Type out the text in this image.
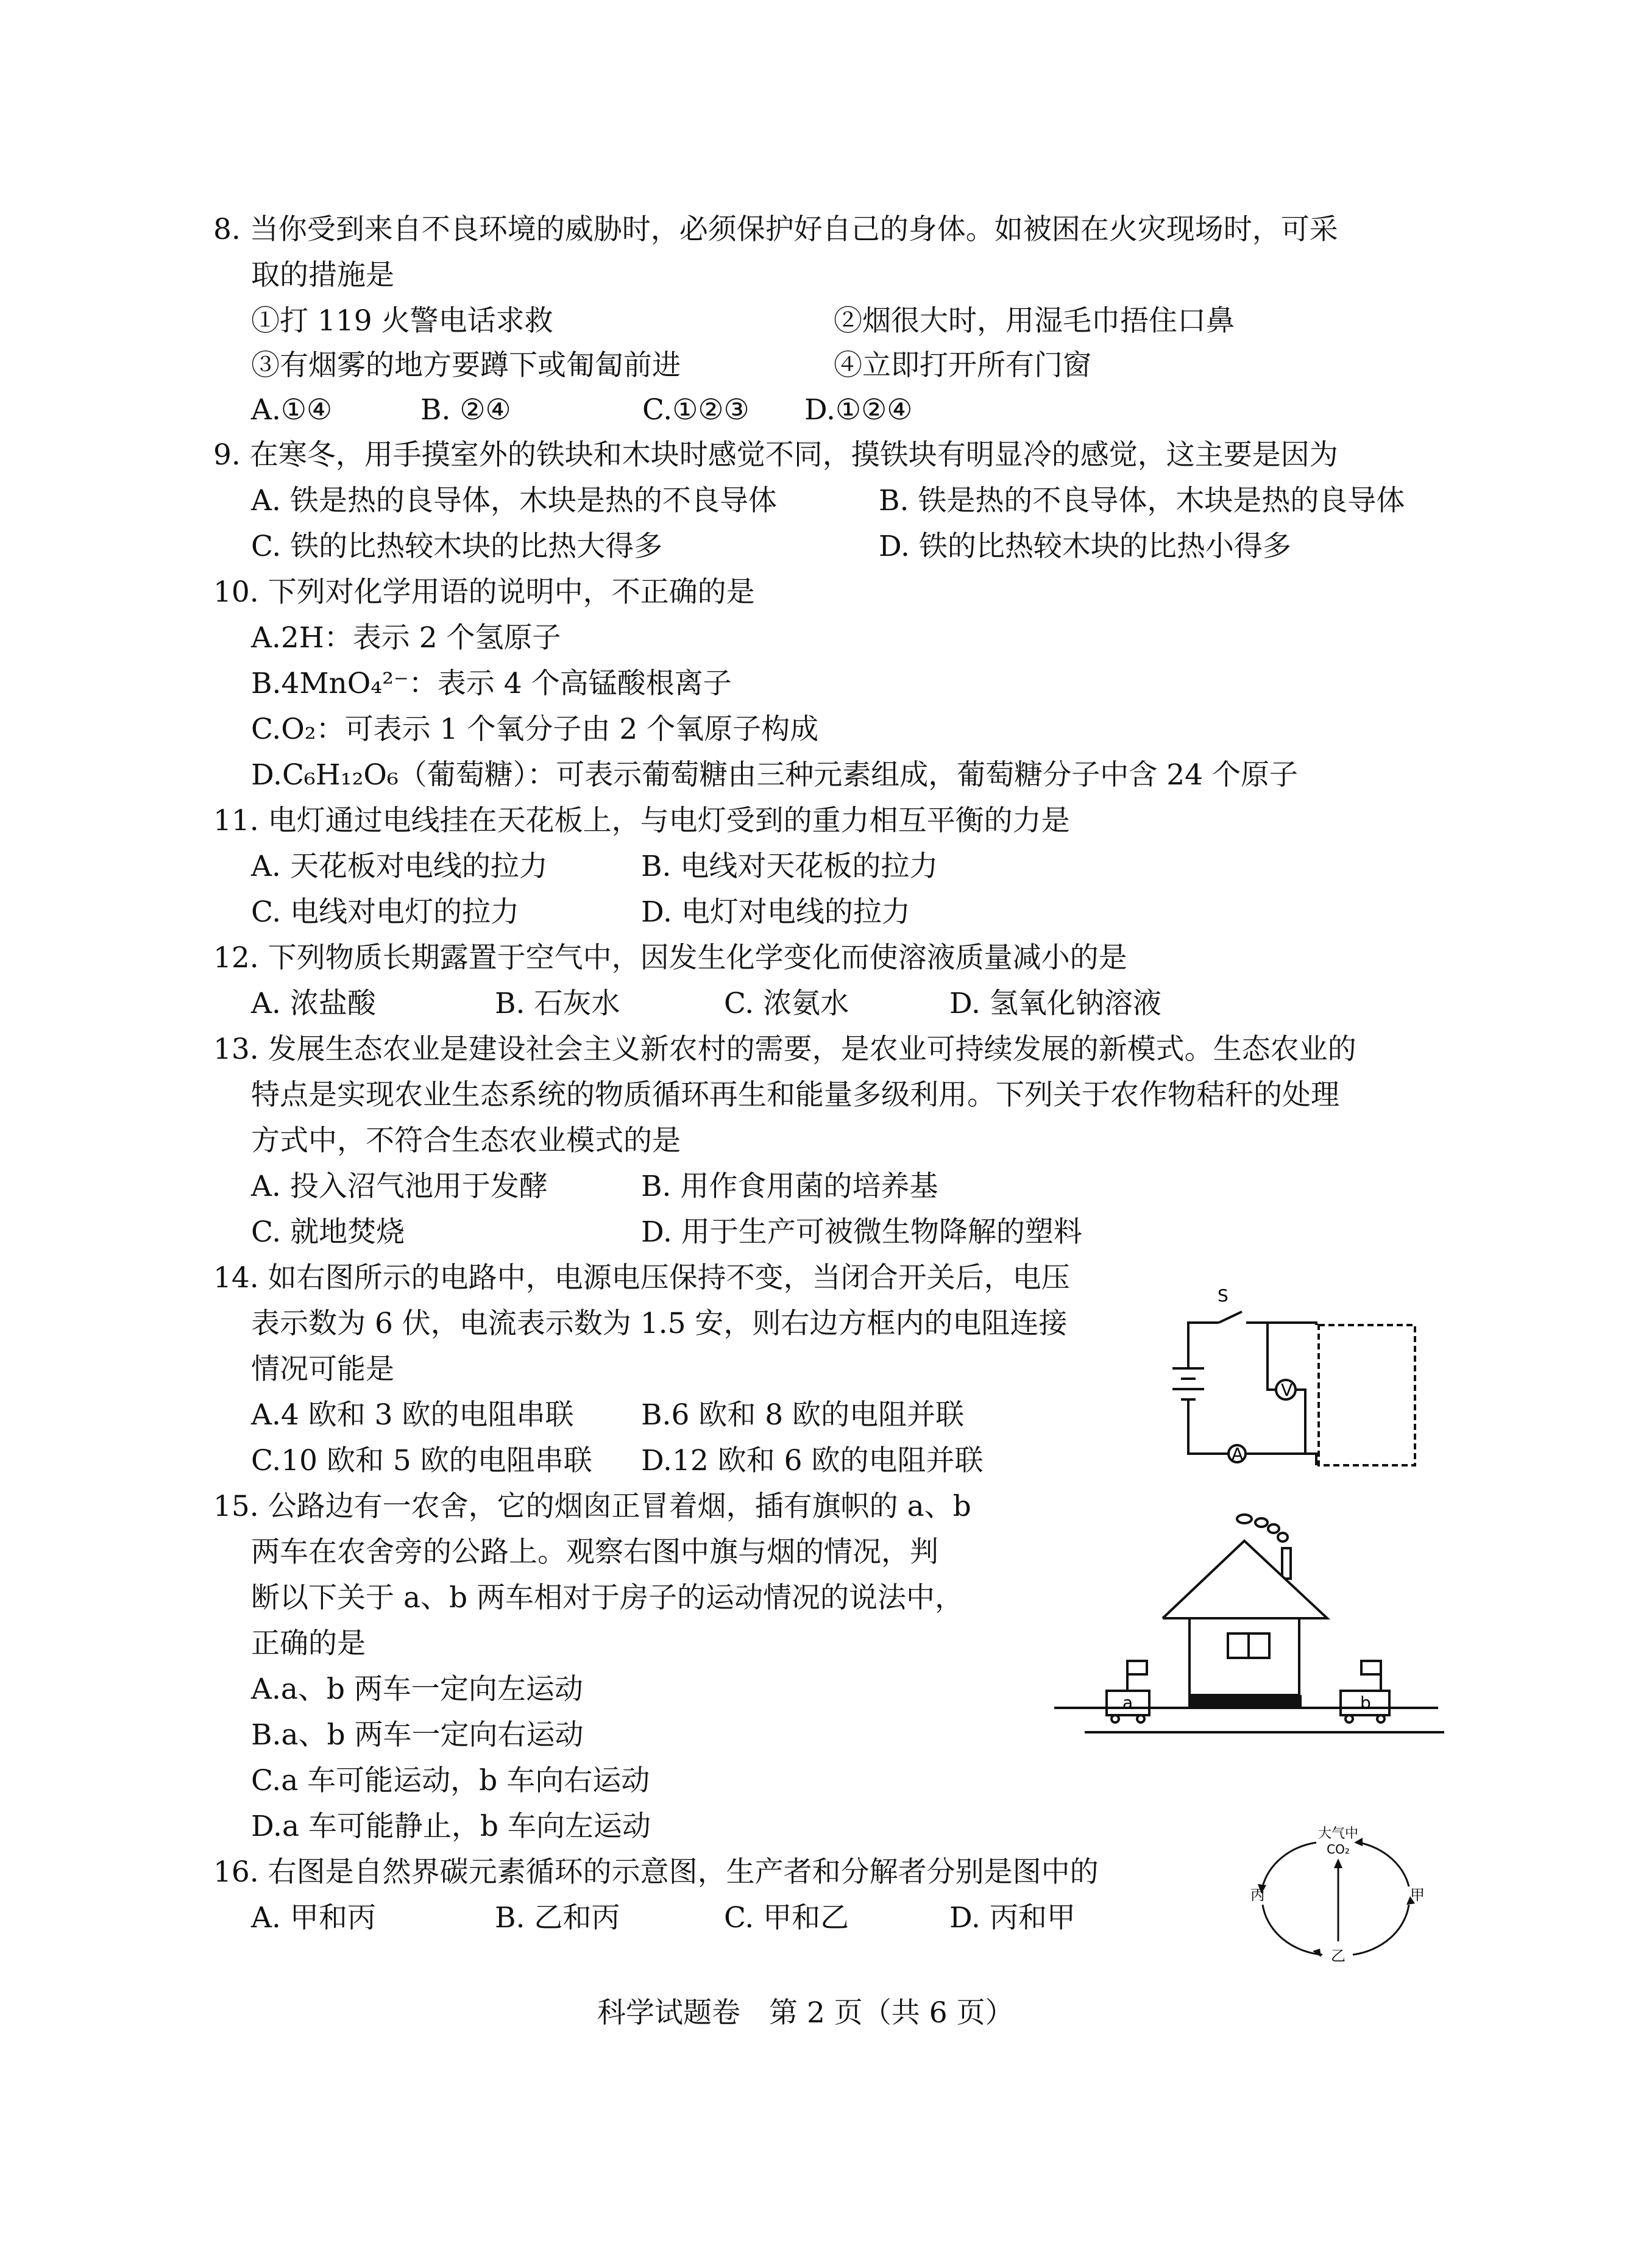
8. 当你受到来自不良环境的威胁时，必须保护好自己的身体。如被困在火灾现场时，可采
取的措施是
①打 119 火警电话求救	②烟很大时，用湿毛巾捂住口鼻
③有烟雾的地方要蹲下或匍匐前进	④立即打开所有门窗
A.①④	B. ②④	C.①②③ D.①②④
9. 在寒冬，用手摸室外的铁块和木块时感觉不同，摸铁块有明显冷的感觉，这主要是因为
A. 铁是热的良导体，木块是热的不良导体	B. 铁是热的不良导体，木块是热的良导体
C. 铁的比热较木块的比热大得多	D. 铁的比热较木块的比热小得多
10. 下列对化学用语的说明中，不正确的是
A.2H：表示 2 个氢原子
B.4MnO₄²⁻：表示 4 个高锰酸根离子
C.O₂：可表示 1 个氧分子由 2 个氧原子构成
D.C₆H₁₂O₆（葡萄糖）：可表示葡萄糖由三种元素组成，葡萄糖分子中含 24 个原子
11. 电灯通过电线挂在天花板上，与电灯受到的重力相互平衡的力是
A. 天花板对电线的拉力	B. 电线对天花板的拉力
C. 电线对电灯的拉力	D. 电灯对电线的拉力
12. 下列物质长期露置于空气中，因发生化学变化而使溶液质量减小的是
A. 浓盐酸	B. 石灰水	C. 浓氨水	D. 氢氧化钠溶液
13. 发展生态农业是建设社会主义新农村的需要，是农业可持续发展的新模式。生态农业的
特点是实现农业生态系统的物质循环再生和能量多级利用。下列关于农作物秸秆的处理
方式中，不符合生态农业模式的是
A. 投入沼气池用于发酵	B. 用作食用菌的培养基
C. 就地焚烧	D. 用于生产可被微生物降解的塑料
14. 如右图所示的电路中，电源电压保持不变，当闭合开关后，电压
表示数为 6 伏，电流表示数为 1.5 安，则右边方框内的电阻连接
情况可能是
A.4 欧和 3 欧的电阻串联 B.6 欧和 8 欧的电阻并联
C.10 欧和 5 欧的电阻串联 D.12 欧和 6 欧的电阻并联
S
V
A
15. 公路边有一农舍，它的烟囱正冒着烟，插有旗帜的 a、b
两车在农舍旁的公路上。观察右图中旗与烟的情况，判
断以下关于 a、b 两车相对于房子的运动情况的说法中，
正确的是
A.a、b 两车一定向左运动
B.a、b 两车一定向右运动
C.a 车可能运动，b 车向右运动
D.a 车可能静止，b 车向左运动
a	b
16. 右图是自然界碳元素循环的示意图，生产者和分解者分别是图中的
A. 甲和丙	B. 乙和丙	C. 甲和乙	D. 丙和甲
大气中
CO₂
丙	甲
乙
科学试题卷　第 2 页（共 6 页）
